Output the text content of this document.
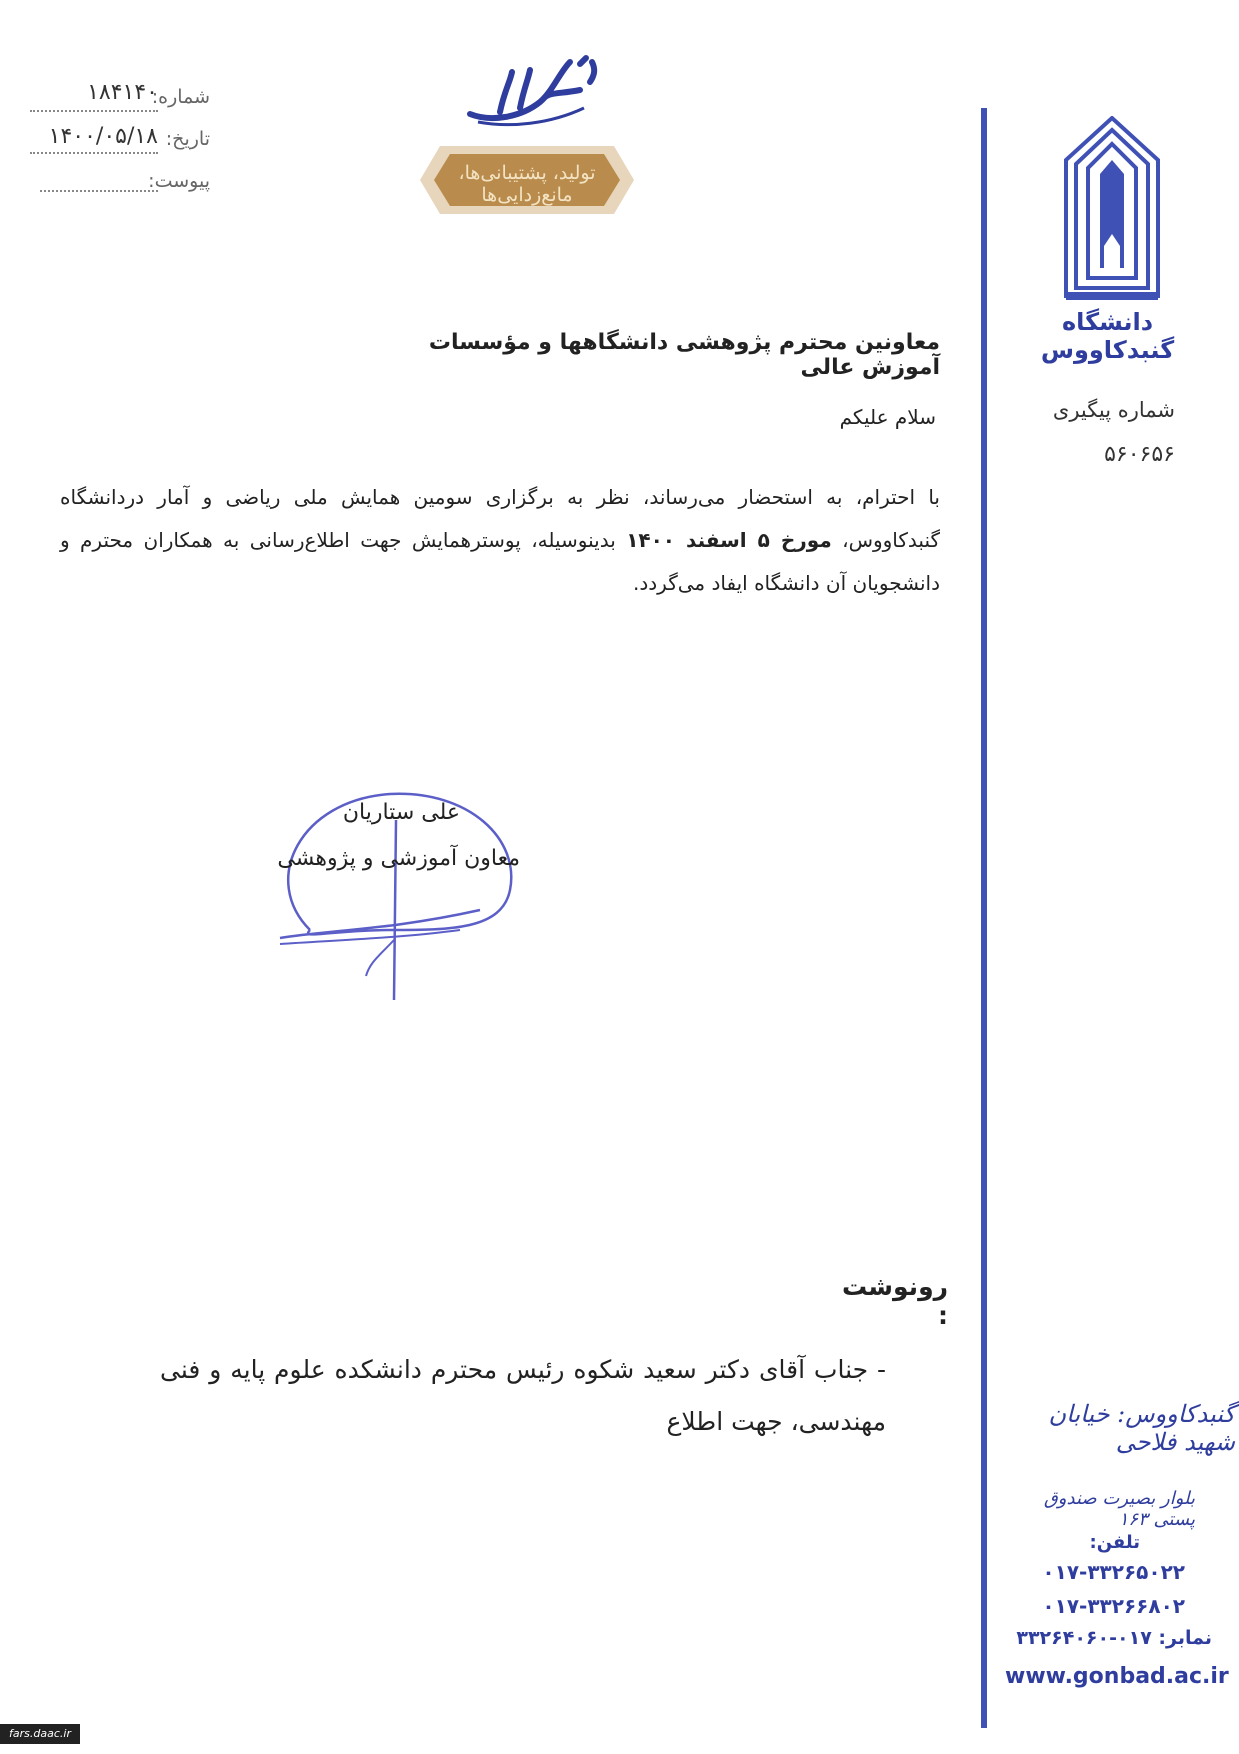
شماره:
۱۸۴۱۴۰
تاریخ:
۱۴۰۰/۰۵/۱۸
پیوست:	تولید، پشتیبانی‌ها، مانع‌زدایی‌ها
دانشگاه گنبدکاووس
شماره پیگیری
۵۶۰۶۵۶
گنبدکاووس: خیابان شهید فلاحی
بلوار بصیرت صندوق پستی ۱۶۳
تلفن:
۰۱۷-۳۳۲۶۵۰۲۲
۰۱۷-۳۳۲۶۶۸۰۲
نمابر: ۰۱۷-۳۳۲۶۴۰۶۰
www.gonbad.ac.ir
معاونین محترم پژوهشی دانشگاهها و مؤسسات آموزش عالی
سلام علیکم
با احترام، به استحضار می‌رساند، نظر به برگزاری سومین همایش ملی ریاضی و آمار دردانشگاه گنبدکاووس، مورخ ۵ اسفند ۱۴۰۰ بدینوسیله، پوسترهمایش جهت اطلاع‌رسانی به همکاران محترم و دانشجویان آن دانشگاه ایفاد می‌گردد.
علی ستاریان
معاون آموزشی و پژوهشی
رونوشت :
- جناب آقای دکتر سعید شکوه رئیس محترم دانشکده علوم پایه و فنی مهندسی، جهت اطلاع
fars.daac.ir
